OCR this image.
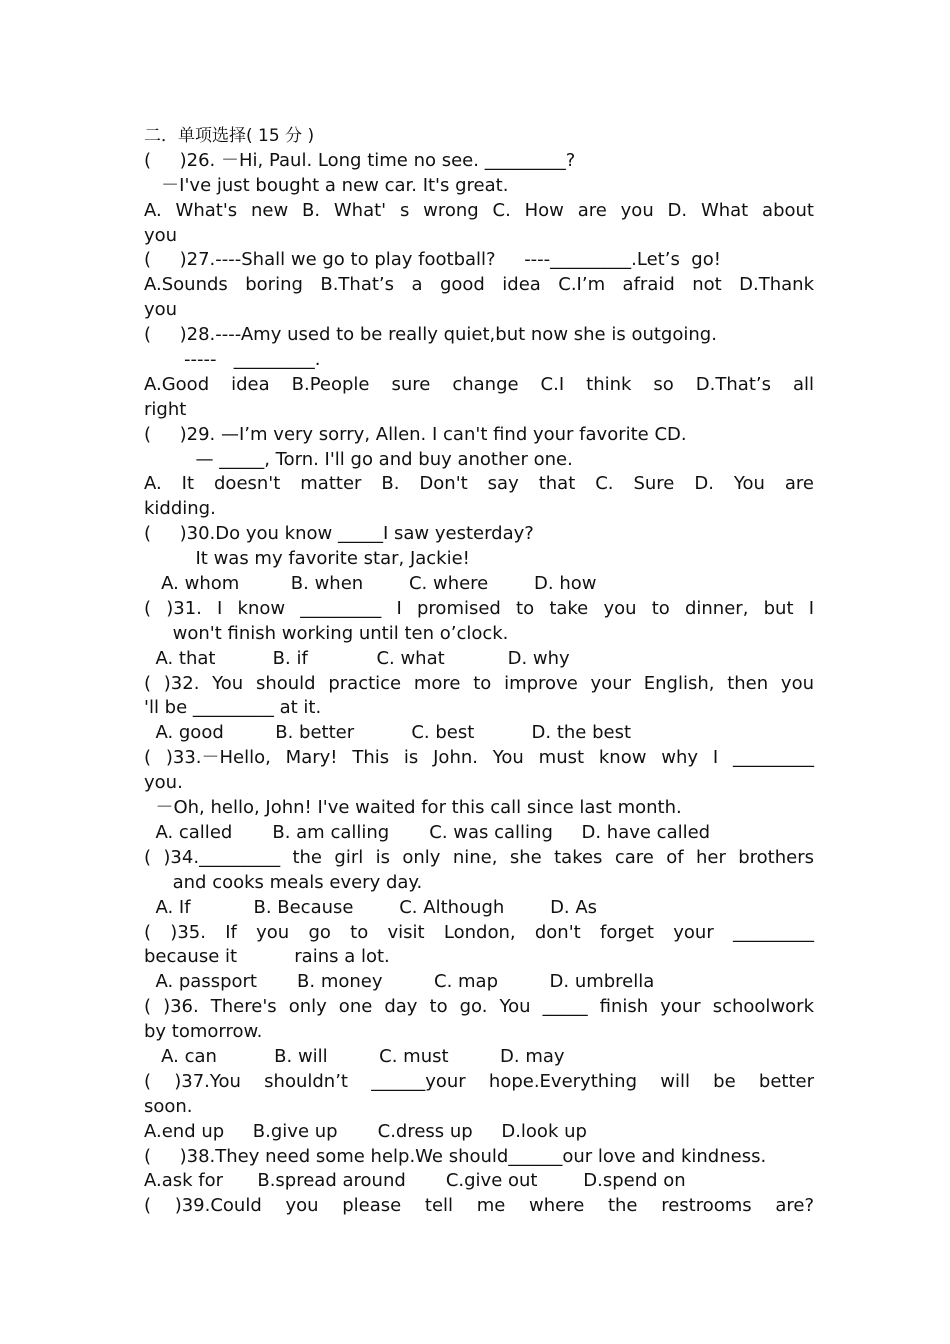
二．单项选择( 15 分 )
(     )26. －Hi, Paul. Long time no see. _________?
－I've just bought a new car. It's great.
A. What's new B. What' s wrong C. How are you D. What about
you
(     )27.----Shall we go to play football?     ----_________.Let’s  go!
A.Sounds boring B.That’s a good idea C.I’m afraid not D.Thank
you
(     )28.----Amy used to be really quiet,but now she is outgoing.
-----   _________.
A.Good idea B.People sure change C.I think so D.That’s all
right
(     )29. —I’m very sorry, Allen. I can't find your favorite CD.
— _____, Torn. I'll go and buy another one.
A. It doesn't matter B. Don't say that C. Sure D. You are
kidding.
(     )30.Do you know _____I saw yesterday?
It was my favorite star, Jackie!
A. whom         B. when        C. where        D. how
( )31. I know _________ I promised to take you to dinner, but I
won't finish working until ten o’clock.
A. that          B. if            C. what           D. why
( )32. You should practice more to improve your English, then you
'll be _________ at it.
A. good         B. better          C. best          D. the best
( )33.－Hello, Mary! This is John. You must know why I _________
you.
－Oh, hello, John! I've waited for this call since last month.
A. called       B. am calling       C. was calling     D. have called
( )34._________ the girl is only nine, she takes care of her brothers
and cooks meals every day.
A. If           B. Because        C. Although        D. As
( )35. If you go to visit London, don't forget your _________
because it          rains a lot.
A. passport       B. money         C. map         D. umbrella
( )36. There's only one day to go. You _____ finish your schoolwork
by tomorrow.
A. can          B. will         C. must         D. may
( )37.You shouldn’t ______your hope.Everything will be better
soon.
A.end up     B.give up       C.dress up     D.look up
(     )38.They need some help.We should______our love and kindness.
A.ask for      B.spread around       C.give out        D.spend on
( )39.Could you please tell me where the restrooms are?
